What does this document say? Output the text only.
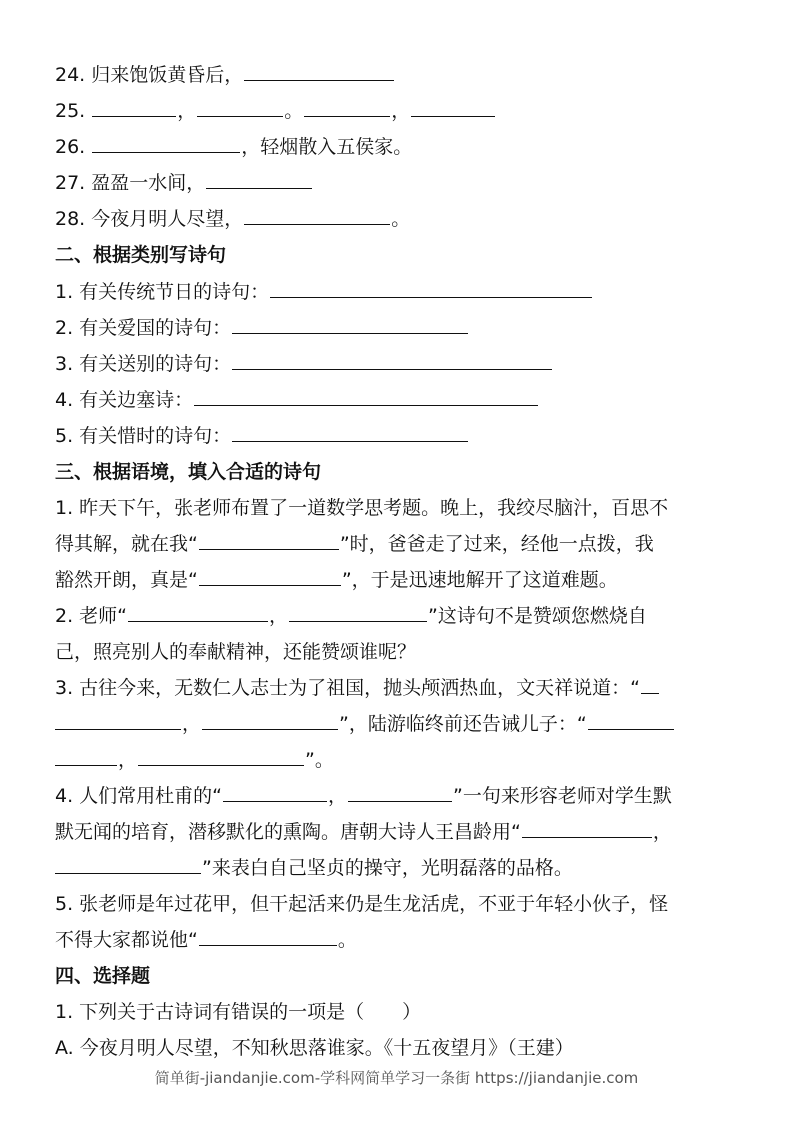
24. 归来饱饭黄昏后，
25.	，	。	，
26.	，轻烟散入五侯家。
27. 盈盈一水间，
28. 今夜月明人尽望，	。
二、根据类别写诗句
1. 有关传统节日的诗句：
2. 有关爱国的诗句：
3. 有关送别的诗句：
4. 有关边塞诗：
5. 有关惜时的诗句：
三、根据语境，填入合适的诗句
1. 昨天下午，张老师布置了一道数学思考题。晚上，我绞尽脑汁，百思不
得其解，就在我“	”时，爸爸走了过来，经他一点拨，我
豁然开朗，真是“	”，于是迅速地解开了这道难题。
2. 老师“	，	”这诗句不是赞颂您燃烧自
己，照亮别人的奉献精神，还能赞颂谁呢？
3. 古往今来，无数仁人志士为了祖国，抛头颅洒热血，文天祥说道：“
，	”，陆游临终前还告诫儿子：“
，	”。
4. 人们常用杜甫的“	，	”一句来形容老师对学生默
默无闻的培育，潜移默化的熏陶。唐朝大诗人王昌龄用“	，
”来表白自己坚贞的操守，光明磊落的品格。
5. 张老师是年过花甲，但干起活来仍是生龙活虎，不亚于年轻小伙子，怪
不得大家都说他“	。
四、选择题
1. 下列关于古诗词有错误的一项是（　　）
A. 今夜月明人尽望，不知秋思落谁家。《十五夜望月》（王建）
简单街-jiandanjie.com-学科网简单学习一条街 https://jiandanjie.com
